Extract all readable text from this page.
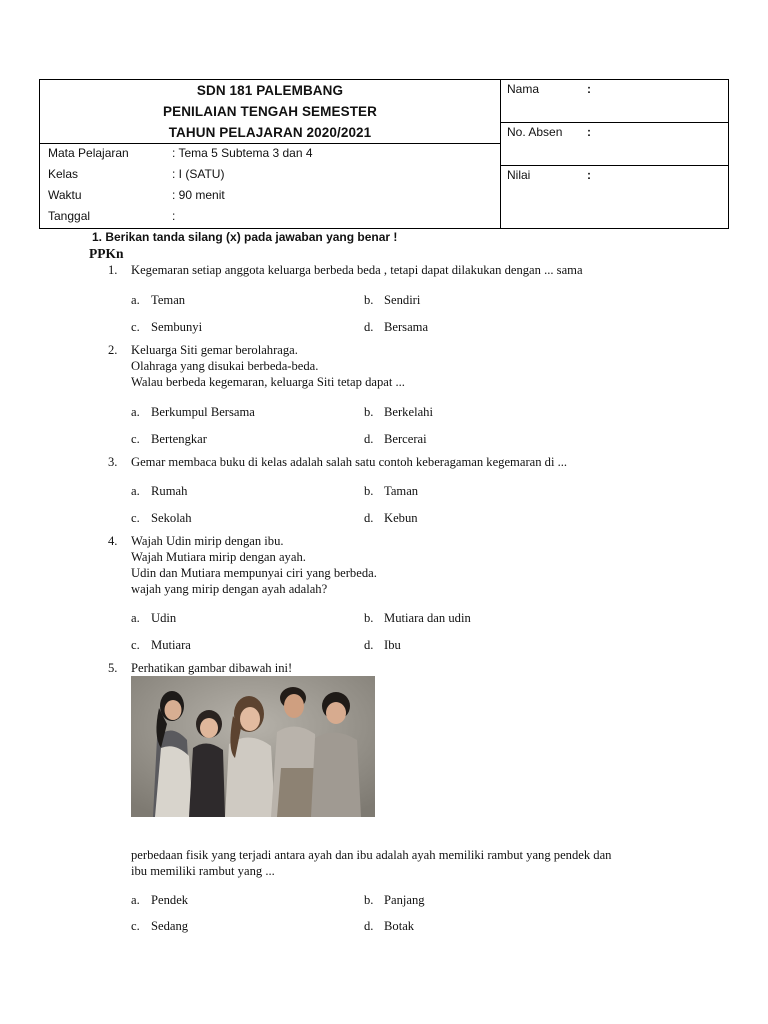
SDN 181 PALEMBANG
PENILAIAN TENGAH SEMESTER
TAHUN PELAJARAN 2020/2021
Mata Pelajaran	: Tema 5 Subtema 3 dan 4
Kelas	: I (SATU)
Waktu	: 90 menit
Tanggal	:
Nama	:
No. Absen :
Nilai	:
1. Berikan tanda silang (x) pada jawaban yang benar !
PPKn
1. Kegemaran setiap anggota keluarga berbeda beda , tetapi dapat dilakukan dengan ... sama
a. Teman	b. Sendiri
c. Sembunyi	d. Bersama
2. Keluarga Siti gemar berolahraga.
Olahraga yang disukai berbeda-beda.
Walau berbeda kegemaran, keluarga Siti tetap dapat ...
a. Berkumpul Bersama	b. Berkelahi
c. Bertengkar	d. Bercerai
3. Gemar membaca buku di kelas adalah salah satu contoh keberagaman kegemaran di ...
a. Rumah	b. Taman
c. Sekolah	d. Kebun
4. Wajah Udin mirip dengan ibu.
Wajah Mutiara mirip dengan ayah.
Udin dan Mutiara mempunyai ciri yang berbeda.
wajah yang mirip dengan ayah adalah?
a. Udin	b. Mutiara dan udin
c. Mutiara	d. Ibu
5. Perhatikan gambar dibawah ini!
perbedaan fisik yang terjadi antara ayah dan ibu adalah ayah memiliki rambut yang pendek dan
ibu memiliki rambut yang ...
a. Pendek	b. Panjang
c. Sedang	d. Botak
